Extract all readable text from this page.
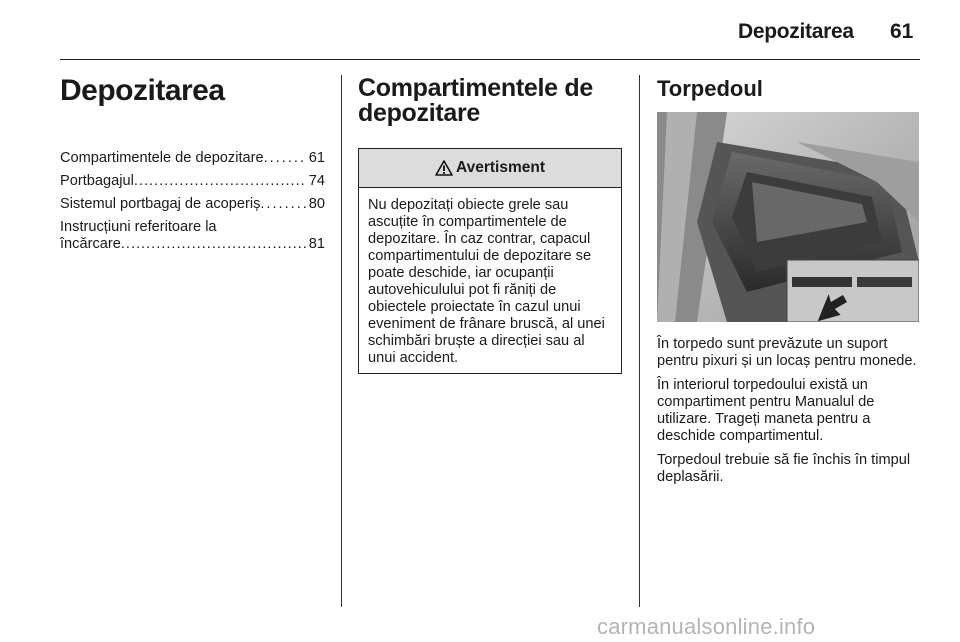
Depozitarea 61
Depozitarea
Compartimentele de depozitare .....	61
Portbagajul .....	74
Sistemul portbagaj de acoperiș .....	80
Instrucțiuni referitoare la
încărcare .....	81
Compartimentele de
depozitare
Avertisment
Nu depozitați obiecte grele sau ascuțite în compartimentele de depozitare. În caz contrar, capacul compartimentului de depozitare se poate deschide, iar ocupanții autovehiculului pot fi răniți de obiectele proiectate în cazul unui eveniment de frânare bruscă, al unei schimbări bruște a direcției sau al unui accident.
Torpedoul

În torpedo sunt prevăzute un suport pentru pixuri și un locaș pentru monede.

În interiorul torpedoului există un compartiment pentru Manualul de utilizare. Trageți maneta pentru a deschide compartimentul.

Torpedoul trebuie să fie închis în timpul deplasării.

carmanualsonline.info
